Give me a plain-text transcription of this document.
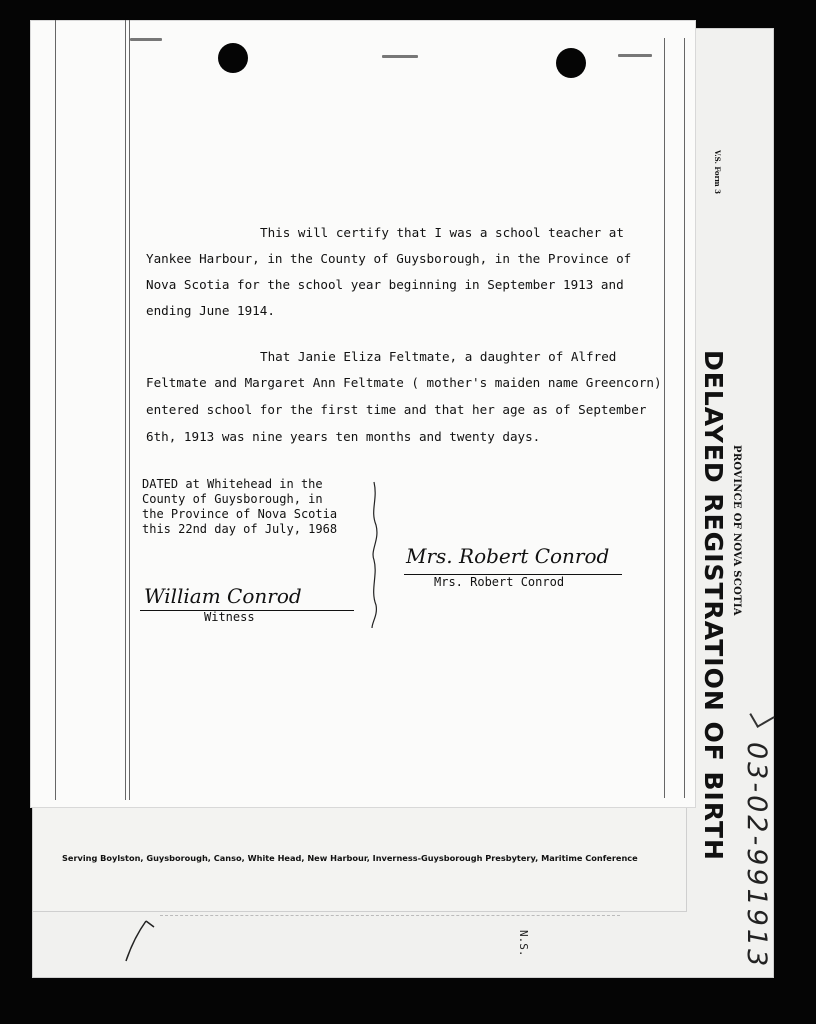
V.S. Form 3
DELAYED REGISTRATION OF BIRTH PROVINCE OF NOVA SCOTIA
03-02-991913
Serving Boylston, Guysborough, Canso, White Head, New Harbour, Inverness-Guysborough Presbytery, Maritime Conference
N.S.
This will certify that I was a school teacher at
Yankee Harbour, in the County of Guysborough, in the Province of
Nova Scotia for the school year beginning in September 1913 and
ending June 1914.
That Janie Eliza Feltmate, a daughter of Alfred
Feltmate and Margaret Ann Feltmate ( mother's maiden name Greencorn)
entered school for the first time and that her age as of September
6th, 1913 was nine years ten months and twenty days.
DATED at Whitehead in the
County of Guysborough, in
the Province of Nova Scotia
this 22nd day of July, 1968
Mrs. Robert Conrod
Mrs. Robert Conrod
William Conrod
Witness
